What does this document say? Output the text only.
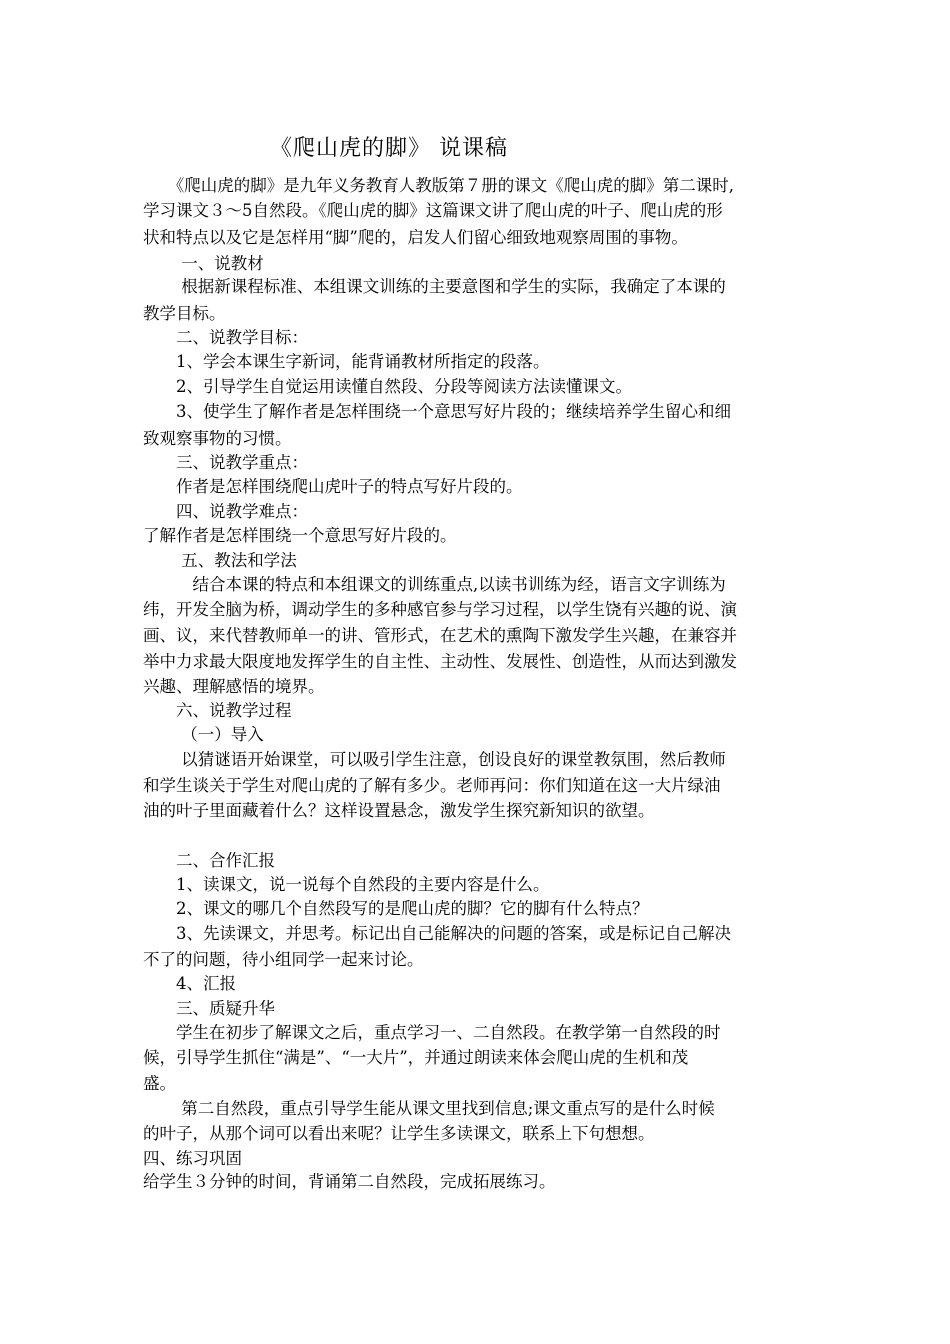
《爬山虎的脚》 说课稿
　　《爬山虎的脚》是九年义务教育人教版第７册的课文《爬山虎的脚》第二课时,
学习课文３～5自然段。《爬山虎的脚》这篇课文讲了爬山虎的叶子、爬山虎的形
状和特点以及它是怎样用“脚”爬的，启发人们留心细致地观察周围的事物。
　　 一、说教材
　　 根据新课程标准、本组课文训练的主要意图和学生的实际，我确定了本课的
教学目标。
　　二、说教学目标：
　　1、学会本课生字新词，能背诵教材所指定的段落。
　　2、引导学生自觉运用读懂自然段、分段等阅读方法读懂课文。
　　3、使学生了解作者是怎样围绕一个意思写好片段的；继续培养学生留心和细
致观察事物的习惯。
　　三、说教学重点：
　　作者是怎样围绕爬山虎叶子的特点写好片段的。
　　四、说教学难点：
了解作者是怎样围绕一个意思写好片段的。
　　 五、教法和学法
　　　结合本课的特点和本组课文的训练重点,以读书训练为经，语言文字训练为
纬，开发全脑为桥，调动学生的多种感官参与学习过程，以学生饶有兴趣的说、演
画、议，来代替教师单一的讲、管形式，在艺术的熏陶下激发学生兴趣，在兼容并
举中力求最大限度地发挥学生的自主性、主动性、发展性、创造性，从而达到激发
兴趣、理解感悟的境界。
　　六、说教学过程
　　 （一）导入
　　 以猜谜语开始课堂，可以吸引学生注意，创设良好的课堂教氛围，然后教师
和学生谈关于学生对爬山虎的了解有多少。老师再问：你们知道在这一大片绿油
油的叶子里面藏着什么？这样设置悬念，激发学生探究新知识的欲望。
　　二、合作汇报
　　1、读课文，说一说每个自然段的主要内容是什么。
　　2、课文的哪几个自然段写的是爬山虎的脚？它的脚有什么特点？
　　3、先读课文，并思考。标记出自己能解决的问题的答案，或是标记自己解决
不了的问题，待小组同学一起来讨论。
　　4、汇报
　　三、质疑升华
　　学生在初步了解课文之后，重点学习一、二自然段。在教学第一自然段的时
候，引导学生抓住“满是”、“一大片”，并通过朗读来体会爬山虎的生机和茂
盛。
　　 第二自然段，重点引导学生能从课文里找到信息;课文重点写的是什么时候
的叶子，从那个词可以看出来呢？让学生多读课文，联系上下句想想。
四、练习巩固
给学生３分钟的时间，背诵第二自然段，完成拓展练习。
